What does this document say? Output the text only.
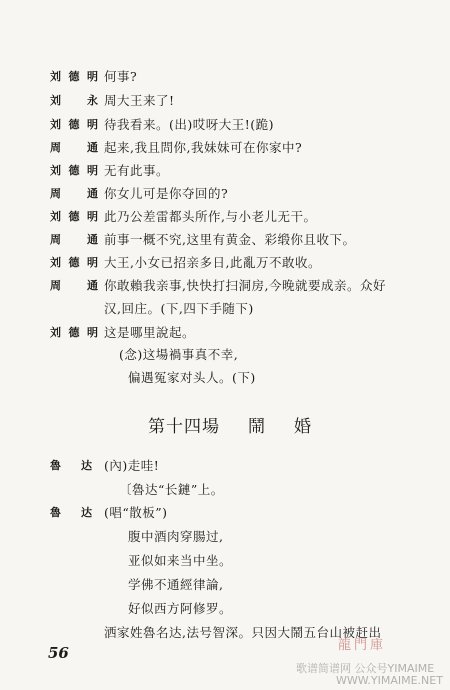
刘 德 明 何事?
刘 永 周大王来了!
刘 德 明 待我看来。(出)哎呀大王!(跪)
周 通 起来,我且問你,我妹妹可在你家中?
刘 德 明 无有此事。
周 通 你女儿可是你夺回的?
刘 德 明 此乃公差雷都头所作,与小老儿无干。
周 通 前事一概不究,这里有黄金、彩缎你且收下。
刘 德 明 大王,小女已招亲多日,此亂万不敢收。
周 通 你敢賴我亲事,快快打扫洞房,今晚就要成亲。众好
汉,回庄。(下,四下手随下)
刘 德 明 这是哪里說起。
(念)这場禍事真不幸,
偏遇冤家对头人。(下)
第十四場 鬧 婚
魯 达 (內)走哇!
〔魯达“长鏈”上。
魯 达 (唱“散板”)
腹中酒肉穿腸过,
亚似如来当中坐。
学佛不通經律論,
好似西方阿修罗。
洒家姓魯名达,法号智深。只因大鬧五台山被赶出
56	龍門庫
歌谱简谱网 公众号YIMAIME
WWW.YIMAIME.NET
